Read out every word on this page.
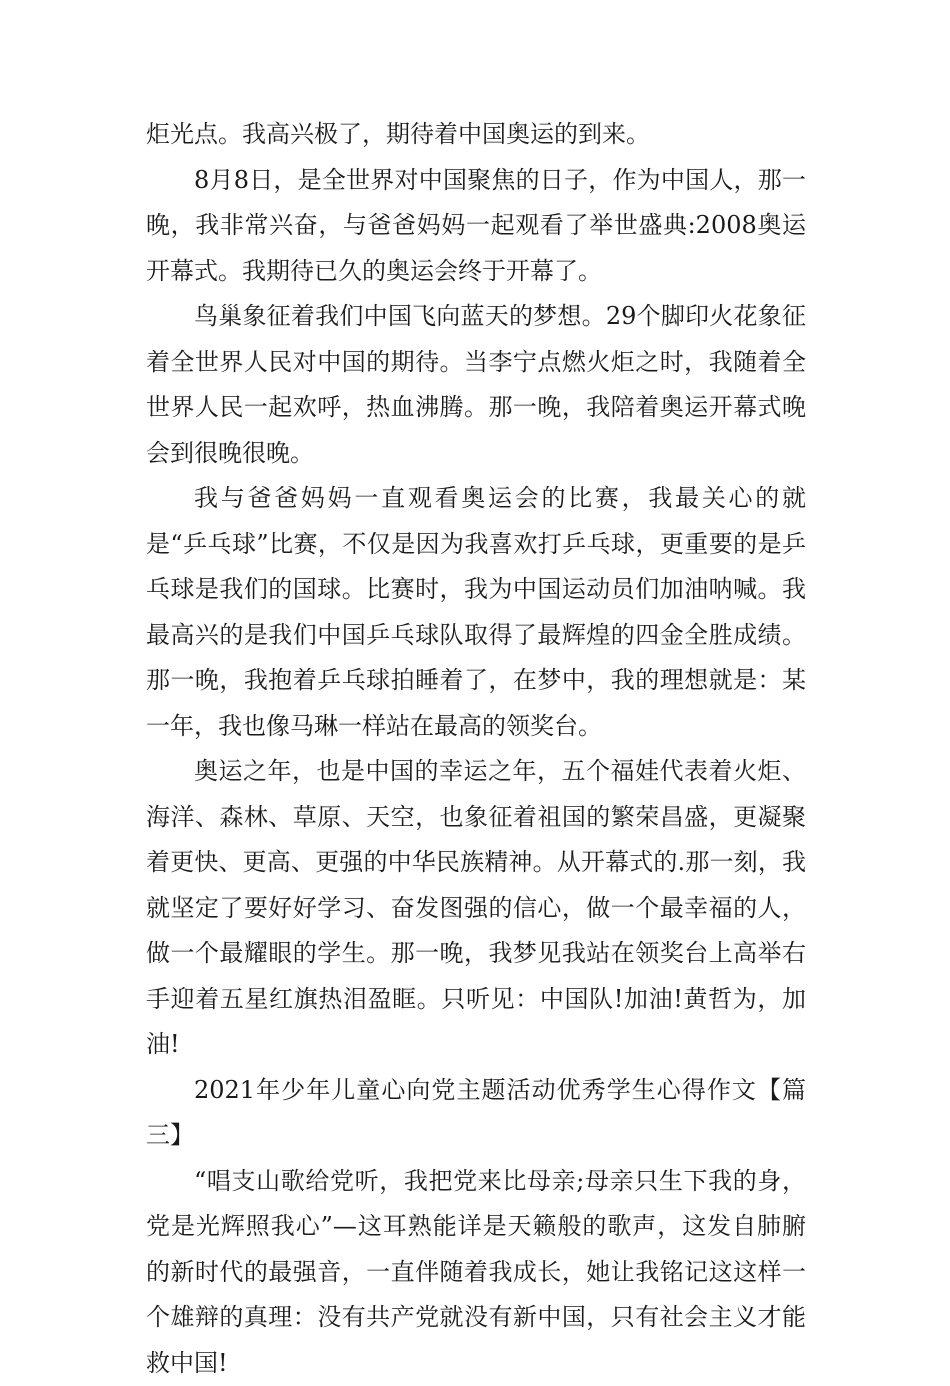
炬光点。我高兴极了，期待着中国奥运的到来。

8月8日，是全世界对中国聚焦的日子，作为中国人，那一晚，我非常兴奋，与爸爸妈妈一起观看了举世盛典:2008奥运开幕式。我期待已久的奥运会终于开幕了。

鸟巢象征着我们中国飞向蓝天的梦想。29个脚印火花象征着全世界人民对中国的期待。当李宁点燃火炬之时，我随着全世界人民一起欢呼，热血沸腾。那一晚，我陪着奥运开幕式晚会到很晚很晚。

我与爸爸妈妈一直观看奥运会的比赛，我最关心的就是“乒乓球”比赛，不仅是因为我喜欢打乒乓球，更重要的是乒乓球是我们的国球。比赛时，我为中国运动员们加油呐喊。我最高兴的是我们中国乒乓球队取得了最辉煌的四金全胜成绩。那一晚，我抱着乒乓球拍睡着了，在梦中，我的理想就是：某一年，我也像马琳一样站在最高的领奖台。

奥运之年，也是中国的幸运之年，五个福娃代表着火炬、海洋、森林、草原、天空，也象征着祖国的繁荣昌盛，更凝聚着更快、更高、更强的中华民族精神。从开幕式的.那一刻，我就坚定了要好好学习、奋发图强的信心，做一个最幸福的人，做一个最耀眼的学生。那一晚，我梦见我站在领奖台上高举右手迎着五星红旗热泪盈眶。只听见：中国队!加油!黄哲为，加油!

2021年少年儿童心向党主题活动优秀学生心得作文【篇三】

“唱支山歌给党听，我把党来比母亲;母亲只生下我的身，党是光辉照我心”—这耳熟能详是天籁般的歌声，这发自肺腑的新时代的最强音，一直伴随着我成长，她让我铭记这这样一个雄辩的真理：没有共产党就没有新中国，只有社会主义才能救中国!
